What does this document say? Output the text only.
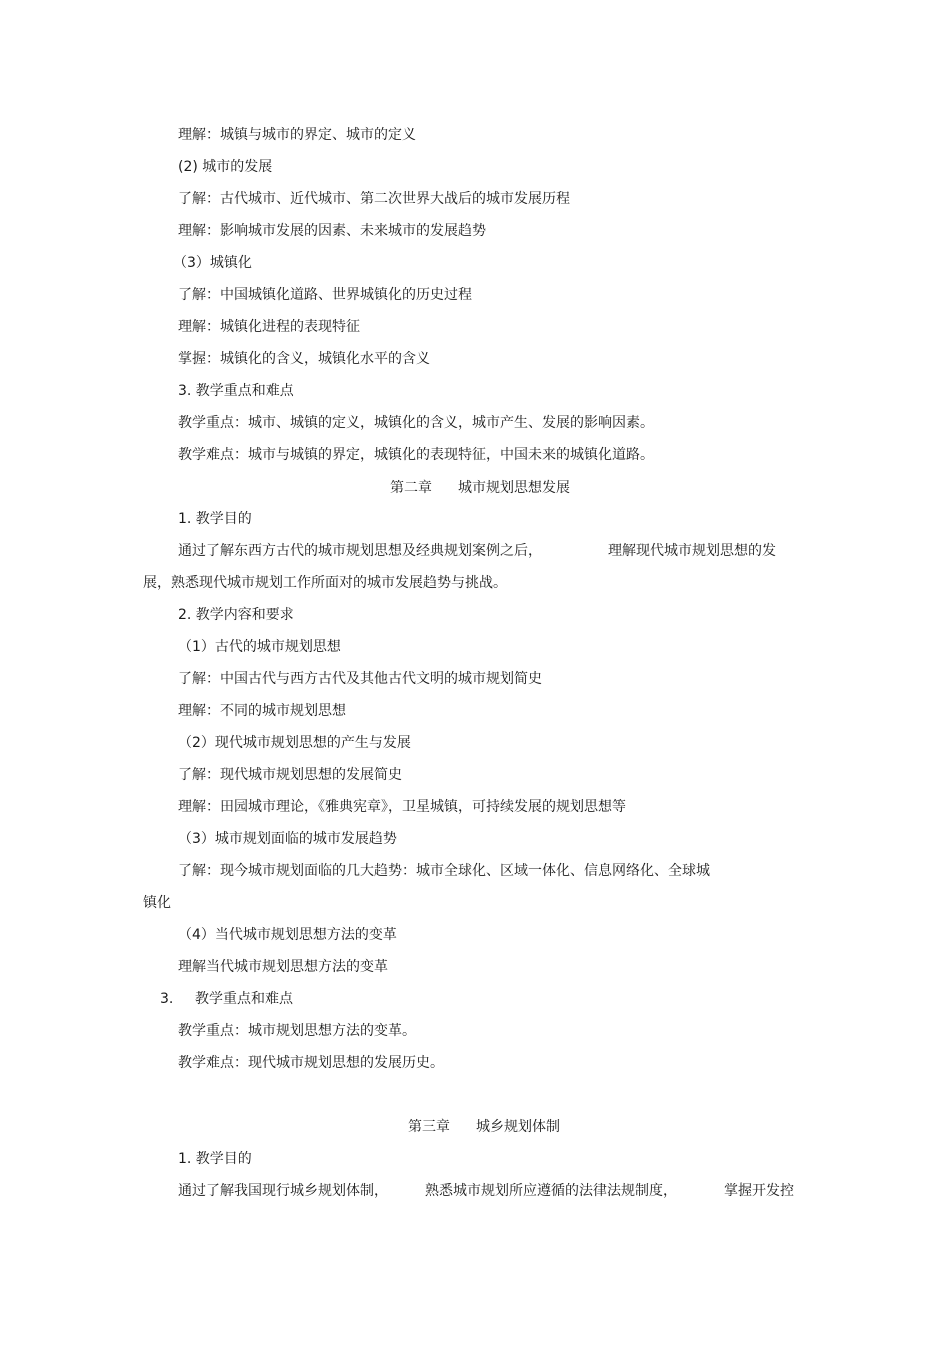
理解：城镇与城市的界定、城市的定义

(2) 城市的发展

了解：古代城市、近代城市、第二次世界大战后的城市发展历程

理解：影响城市发展的因素、未来城市的发展趋势

（3）城镇化

了解：中国城镇化道路、世界城镇化的历史过程

理解：城镇化进程的表现特征

掌握：城镇化的含义，城镇化水平的含义

3. 教学重点和难点

教学重点：城市、城镇的定义，城镇化的含义，城市产生、发展的影响因素。

教学难点：城市与城镇的界定，城镇化的表现特征，中国未来的城镇化道路。

第二章 城市规划思想发展

1. 教学目的

通过了解东西方古代的城市规划思想及经典规划案例之后，	理解现代城市规划思想的发

展，熟悉现代城市规划工作所面对的城市发展趋势与挑战。

2. 教学内容和要求

（1）古代的城市规划思想

了解：中国古代与西方古代及其他古代文明的城市规划简史

理解：不同的城市规划思想

（2）现代城市规划思想的产生与发展

了解：现代城市规划思想的发展简史

理解：田园城市理论，《雅典宪章》，卫星城镇，可持续发展的规划思想等

（3）城市规划面临的城市发展趋势

了解：现今城市规划面临的几大趋势：城市全球化、区域一体化、信息网络化、全球城

镇化

（4）当代城市规划思想方法的变革

理解当代城市规划思想方法的变革

3. 教学重点和难点

教学重点：城市规划思想方法的变革。

教学难点：现代城市规划思想的发展历史。

第三章 城乡规划体制

1. 教学目的

通过了解我国现行城乡规划体制，	熟悉城市规划所应遵循的法律法规制度，	掌握开发控
